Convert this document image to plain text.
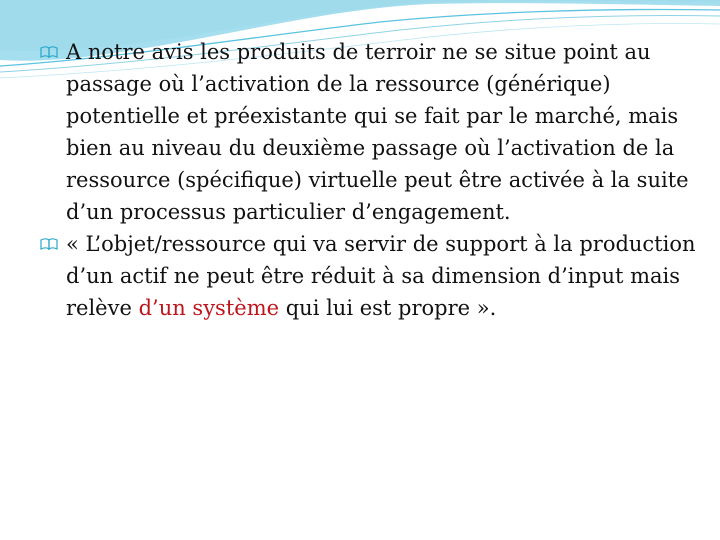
A notre avis les produits de terroir ne se situe point au passage où l’activation de la ressource (générique) potentielle et préexistante qui se fait par le marché, mais bien au niveau du deuxième passage où l’activation de la ressource (spécifique) virtuelle peut être activée à la suite d’un processus particulier d’engagement.

« L’objet/ressource qui va servir de support à la production d’un actif ne peut être réduit à sa dimension d’input mais relève d’un système qui lui est propre ».
